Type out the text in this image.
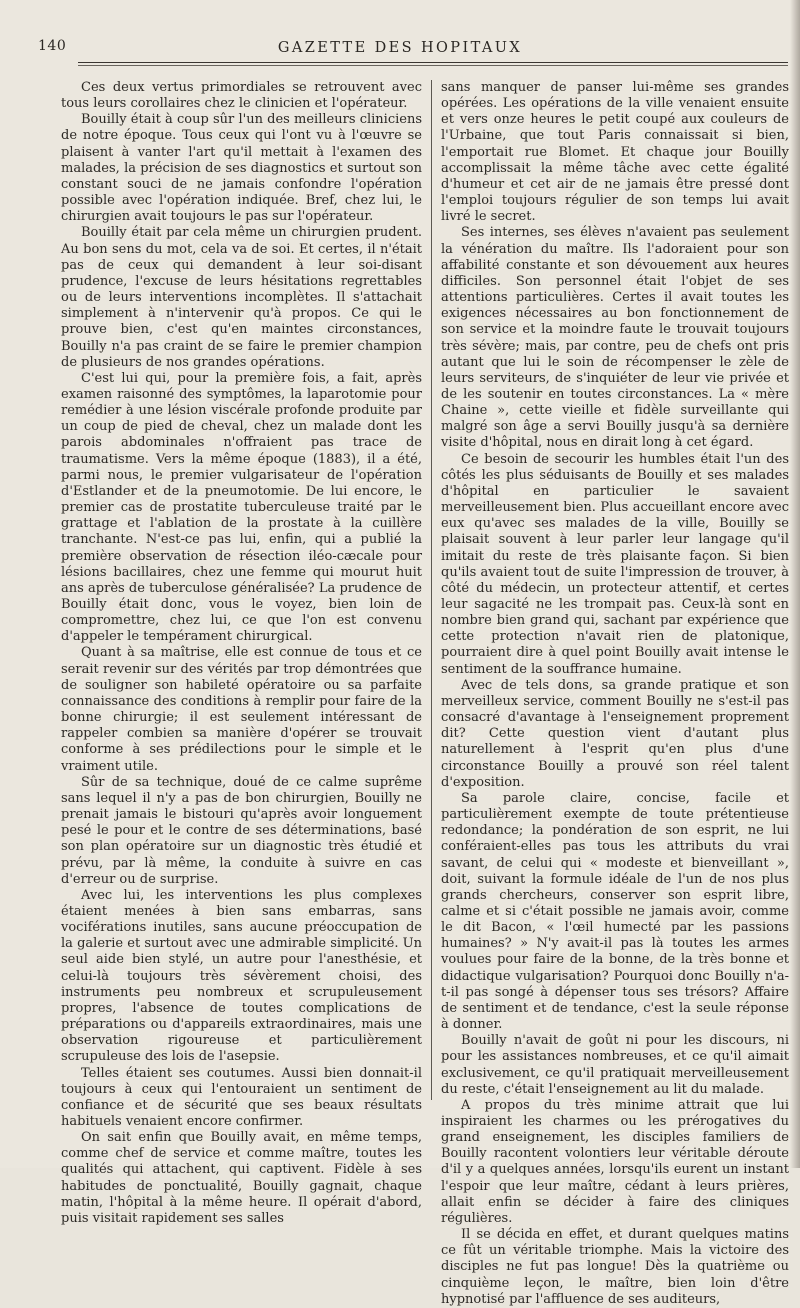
140	GAZETTE DES HOPITAUX

Ces deux vertus primordiales se retrouvent avec tous leurs corollaires chez le clinicien et l'opérateur.

Bouilly était à coup sûr l'un des meilleurs cliniciens de notre époque. Tous ceux qui l'ont vu à l'œuvre se plaisent à vanter l'art qu'il mettait à l'examen des malades, la précision de ses diagnostics et surtout son constant souci de ne jamais confondre l'opération possible avec l'opération indiquée. Bref, chez lui, le chirurgien avait toujours le pas sur l'opérateur.

Bouilly était par cela même un chirurgien prudent. Au bon sens du mot, cela va de soi. Et certes, il n'était pas de ceux qui demandent à leur soi-disant prudence, l'excuse de leurs hésitations regrettables ou de leurs interventions incomplètes. Il s'attachait simplement à n'intervenir qu'à propos. Ce qui le prouve bien, c'est qu'en maintes circonstances, Bouilly n'a pas craint de se faire le premier champion de plusieurs de nos grandes opérations.

C'est lui qui, pour la première fois, a fait, après examen raisonné des symptômes, la laparotomie pour remédier à une lésion viscérale profonde produite par un coup de pied de cheval, chez un malade dont les parois abdominales n'offraient pas trace de traumatisme. Vers la même époque (1883), il a été, parmi nous, le premier vulgarisateur de l'opération d'Estlander et de la pneumotomie. De lui encore, le premier cas de prostatite tuberculeuse traité par le grattage et l'ablation de la prostate à la cuillère tranchante. N'est-ce pas lui, enfin, qui a publié la première observation de résection iléo-cæcale pour lésions bacillaires, chez une femme qui mourut huit ans après de tuberculose généralisée? La prudence de Bouilly était donc, vous le voyez, bien loin de compromettre, chez lui, ce que l'on est convenu d'appeler le tempérament chirurgical.

Quant à sa maîtrise, elle est connue de tous et ce serait revenir sur des vérités par trop démontrées que de souligner son habileté opératoire ou sa parfaite connaissance des conditions à remplir pour faire de la bonne chirurgie; il est seulement intéressant de rappeler combien sa manière d'opérer se trouvait conforme à ses prédilections pour le simple et le vraiment utile.

Sûr de sa technique, doué de ce calme suprême sans lequel il n'y a pas de bon chirurgien, Bouilly ne prenait jamais le bistouri qu'après avoir longuement pesé le pour et le contre de ses déterminations, basé son plan opératoire sur un diagnostic très étudié et prévu, par là même, la conduite à suivre en cas d'erreur ou de surprise.

Avec lui, les interventions les plus complexes étaient menées à bien sans embarras, sans vociférations inutiles, sans aucune préoccupation de la galerie et surtout avec une admirable simplicité. Un seul aide bien stylé, un autre pour l'anesthésie, et celui-là toujours très sévèrement choisi, des instruments peu nombreux et scrupuleusement propres, l'absence de toutes complications de préparations ou d'appareils extraordinaires, mais une observation rigoureuse et particulièrement scrupuleuse des lois de l'asepsie.

Telles étaient ses coutumes. Aussi bien donnait-il toujours à ceux qui l'entouraient un sentiment de confiance et de sécurité que ses beaux résultats habituels venaient encore confirmer.

On sait enfin que Bouilly avait, en même temps, comme chef de service et comme maître, toutes les qualités qui attachent, qui captivent. Fidèle à ses habitudes de ponctualité, Bouilly gagnait, chaque matin, l'hôpital à la même heure. Il opérait d'abord, puis visitait rapidement ses salles

sans manquer de panser lui-même ses grandes opérées. Les opérations de la ville venaient ensuite et vers onze heures le petit coupé aux couleurs de l'Urbaine, que tout Paris connaissait si bien, l'emportait rue Blomet. Et chaque jour Bouilly accomplissait la même tâche avec cette égalité d'humeur et cet air de ne jamais être pressé dont l'emploi toujours régulier de son temps lui avait livré le secret.

Ses internes, ses élèves n'avaient pas seulement la vénération du maître. Ils l'adoraient pour son affabilité constante et son dévouement aux heures difficiles. Son personnel était l'objet de ses attentions particulières. Certes il avait toutes les exigences nécessaires au bon fonctionnement de son service et la moindre faute le trouvait toujours très sévère; mais, par contre, peu de chefs ont pris autant que lui le soin de récompenser le zèle de leurs serviteurs, de s'inquiéter de leur vie privée et de les soutenir en toutes circonstances. La « mère Chaine », cette vieille et fidèle surveillante qui malgré son âge a servi Bouilly jusqu'à sa dernière visite d'hôpital, nous en dirait long à cet égard.

Ce besoin de secourir les humbles était l'un des côtés les plus séduisants de Bouilly et ses malades d'hôpital en particulier le savaient merveilleusement bien. Plus accueillant encore avec eux qu'avec ses malades de la ville, Bouilly se plaisait souvent à leur parler leur langage qu'il imitait du reste de très plaisante façon. Si bien qu'ils avaient tout de suite l'impression de trouver, à côté du médecin, un protecteur attentif, et certes leur sagacité ne les trompait pas. Ceux-là sont en nombre bien grand qui, sachant par expérience que cette protection n'avait rien de platonique, pourraient dire à quel point Bouilly avait intense le sentiment de la souffrance humaine.

Avec de tels dons, sa grande pratique et son merveilleux service, comment Bouilly ne s'est-il pas consacré d'avantage à l'enseignement proprement dit? Cette question vient d'autant plus naturellement à l'esprit qu'en plus d'une circonstance Bouilly a prouvé son réel talent d'exposition.

Sa parole claire, concise, facile et particulièrement exempte de toute prétentieuse redondance; la pondération de son esprit, ne lui conféraient-elles pas tous les attributs du vrai savant, de celui qui « modeste et bienveillant », doit, suivant la formule idéale de l'un de nos plus grands chercheurs, conserver son esprit libre, calme et si c'était possible ne jamais avoir, comme le dit Bacon, « l'œil humecté par les passions humaines? » N'y avait-il pas là toutes les armes voulues pour faire de la bonne, de la très bonne et didactique vulgarisation? Pourquoi donc Bouilly n'a-t-il pas songé à dépenser tous ses trésors? Affaire de sentiment et de tendance, c'est la seule réponse à donner.

Bouilly n'avait de goût ni pour les discours, ni pour les assistances nombreuses, et ce qu'il aimait exclusivement, ce qu'il pratiquait merveilleusement du reste, c'était l'enseignement au lit du malade.

A propos du très minime attrait que lui inspiraient les charmes ou les prérogatives du grand enseignement, les disciples familiers de Bouilly racontent volontiers leur véritable déroute d'il y a quelques années, lorsqu'ils eurent un instant l'espoir que leur maître, cédant à leurs prières, allait enfin se décider à faire des cliniques régulières.

Il se décida en effet, et durant quelques matins ce fût un véritable triomphe. Mais la victoire des disciples ne fut pas longue! Dès la quatrième ou cinquième leçon, le maître, bien loin d'être hypnotisé par l'affluence de ses auditeurs,
